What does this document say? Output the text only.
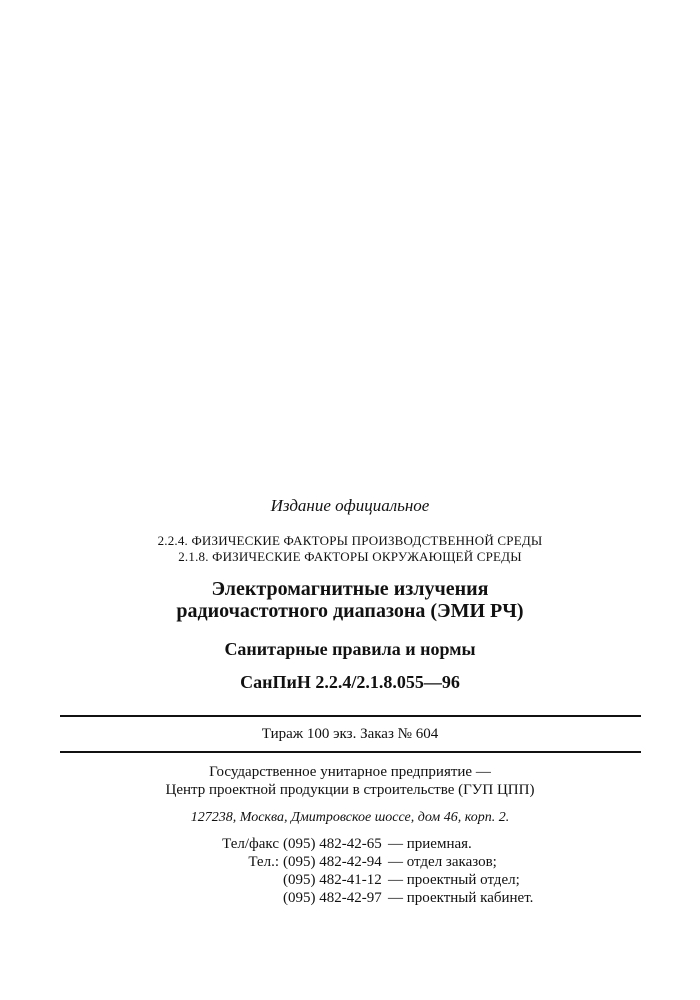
Издание официальное
2.2.4. ФИЗИЧЕСКИЕ ФАКТОРЫ ПРОИЗВОДСТВЕННОЙ СРЕДЫ
2.1.8. ФИЗИЧЕСКИЕ ФАКТОРЫ ОКРУЖАЮЩЕЙ СРЕДЫ
Электромагнитные излучения
радиочастотного диапазона (ЭМИ РЧ)
Санитарные правила и нормы
СанПиН 2.2.4/2.1.8.055—96
Тираж 100 экз. Заказ № 604
Государственное унитарное предприятие —
Центр проектной продукции в строительстве (ГУП ЦПП)
127238, Москва, Дмитровское шоссе, дом 46, корп. 2.
Тел/факс (095) 482-42-65 — приемная.
Тел.: (095) 482-42-94 — отдел заказов;
(095) 482-41-12 — проектный отдел;
(095) 482-42-97 — проектный кабинет.
